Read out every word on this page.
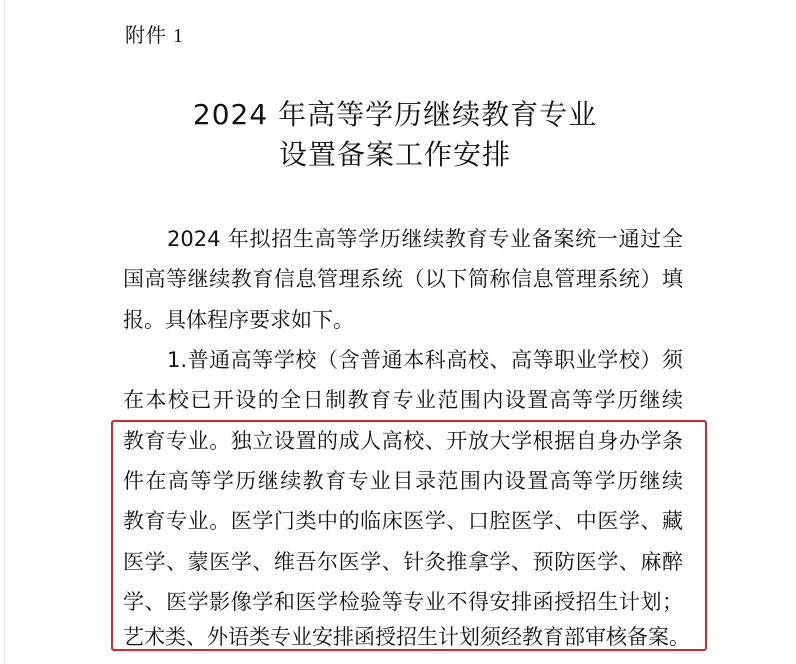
附件 1
2024 年高等学历继续教育专业
设置备案工作安排
2024 年拟招生高等学历继续教育专业备案统一通过全
国高等继续教育信息管理系统（以下简称信息管理系统）填
报。具体程序要求如下。
1.普通高等学校（含普通本科高校、高等职业学校）须
在本校已开设的全日制教育专业范围内设置高等学历继续
教育专业。独立设置的成人高校、开放大学根据自身办学条
件在高等学历继续教育专业目录范围内设置高等学历继续
教育专业。医学门类中的临床医学、口腔医学、中医学、藏
医学、蒙医学、维吾尔医学、针灸推拿学、预防医学、麻醉
学、医学影像学和医学检验等专业不得安排函授招生计划；
艺术类、外语类专业安排函授招生计划须经教育部审核备案。
